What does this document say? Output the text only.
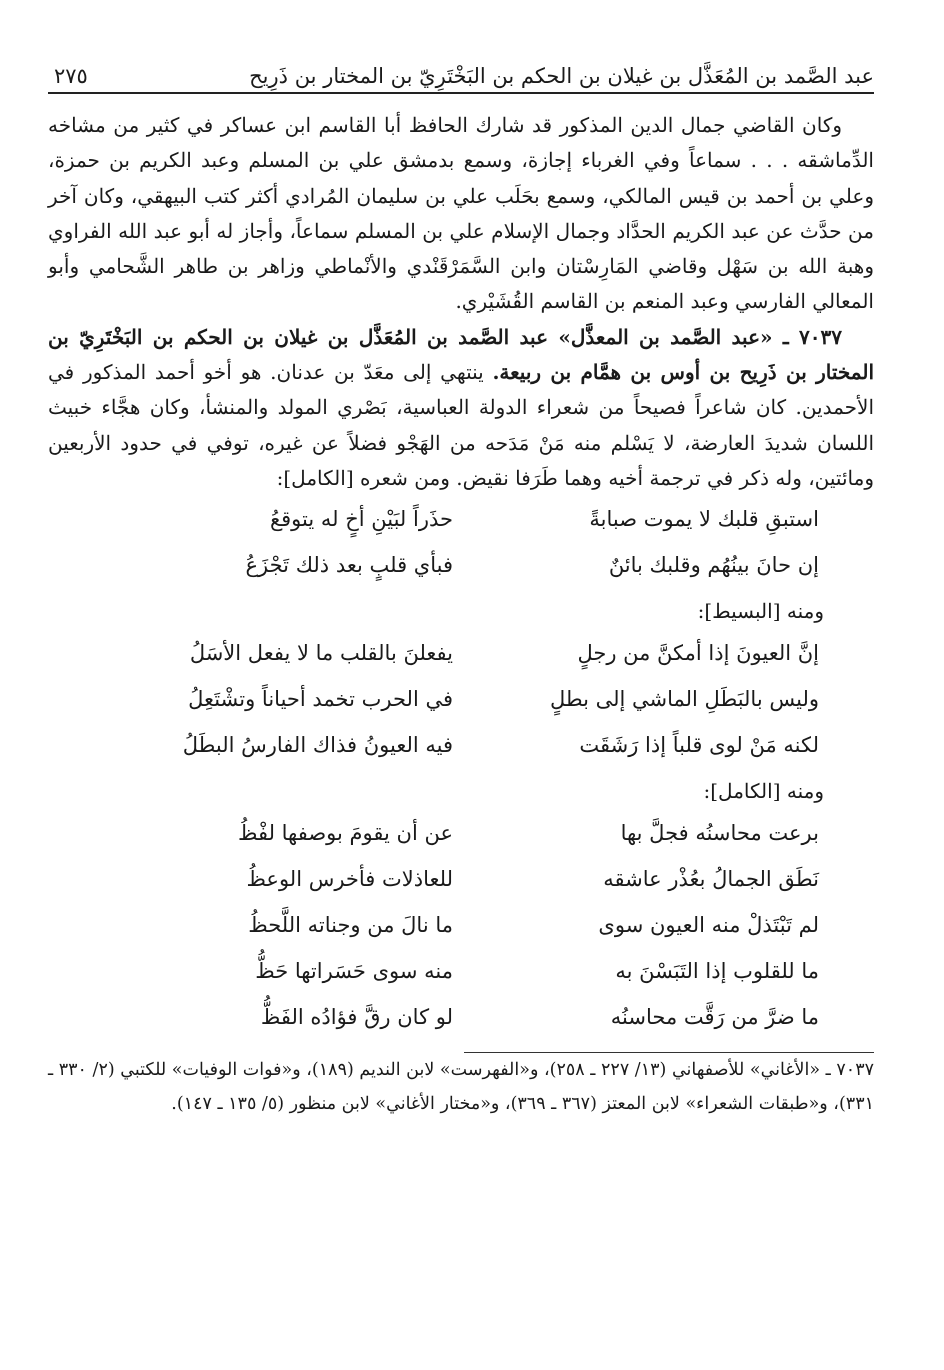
عبد الصَّمد بن المُعَذَّل بن غيلان بن الحكم بن البَخْتَرِيّ بن المختار بن ذَرِيح
٢٧٥

وكان القاضي جمال الدين المذكور قد شارك الحافظ أبا القاسم ابن عساكر في كثير من مشاخه الدِّماشقه . . . سماعاً وفي الغرباء إجازة، وسمع بدمشق علي بن المسلم وعبد الكريم بن حمزة، وعلي بن أحمد بن قيس المالكي، وسمع بحَلَب علي بن سليمان المُرادي أكثر كتب البيهقي، وكان آخر من حدَّث عن عبد الكريم الحدَّاد وجمال الإسلام علي بن المسلم سماعاً، وأجاز له أبو عبد الله الفراوي وهبة الله بن سَهْل وقاضي المَارِسْتان وابن السَّمَرْقَنْدي والأنْماطي وزاهر بن طاهر الشَّحامي وأبو المعالي الفارسي وعبد المنعم بن القاسم القُشَيْري.

٧٠٣٧ ـ «عبد الصَّمد بن المعذَّل» عبد الصَّمد بن المُعَذَّل بن غيلان بن الحكم بن البَخْتَرِيّ بن المختار بن ذَرِيح بن أوس بن همَّام بن ربيعة. ينتهي إلى معَدّ بن عدنان. هو أخو أحمد المذكور في الأحمدين. كان شاعراً فصيحاً من شعراء الدولة العباسية، بَصْري المولد والمنشأ، وكان هجَّاء خبيث اللسان شديدَ العارضة، لا يَسْلم منه مَنْ مَدَحه من الهَجْو فضلاً عن غيره، توفي في حدود الأربعين ومائتين، وله ذكر في ترجمة أخيه وهما طَرَفا نقيض. ومن شعره [الكامل]:

استبقِ قلبك لا يموت صبابةً
حذَراً لبَيْنِ أخٍ له يتوقعُ
إن حانَ بينُهُم وقلبك بائنٌ
فبأي قلبٍ بعد ذلك تَجْزَعُ
ومنه [البسيط]:
إنَّ العيونَ إذا أمكنَّ من رجلٍ
يفعلنَ بالقلب ما لا يفعل الأسَلُ
وليس بالبَطَلِ الماشي إلى بطلٍ
في الحرب تخمد أحياناً وتشْتَعِلُ
لكنه مَنْ لوى قلباً إذا رَشَقَت
فيه العيونُ فذاك الفارسُ البطَلُ
ومنه [الكامل]:
برعت محاسنُه فجلَّ بها
عن أن يقومَ بوصفها لفْظُ
نَطَق الجمالُ بعُذْر عاشقه
للعاذلات فأخرس الوعظُ
لم تَبْتَذلْ منه العيون سوى
ما نالَ من وجناته اللَّحظُ
ما للقلوب إذا التَبَسْنَ به
منه سوى حَسَراتها حَظُّ
ما ضرَّ من رَقَّت محاسنُه
لو كان رقَّ فؤادُه الفَظُّ

٧٠٣٧ ـ «الأغاني» للأصفهاني (١٣/ ٢٢٧ ـ ٢٥٨)، و«الفهرست» لابن النديم (١٨٩)، و«فوات الوفيات» للكتبي (٢/ ٣٣٠ ـ ٣٣١)، و«طبقات الشعراء» لابن المعتز (٣٦٧ ـ ٣٦٩)، و«مختار الأغاني» لابن منظور (٥/ ١٣٥ ـ ١٤٧).
